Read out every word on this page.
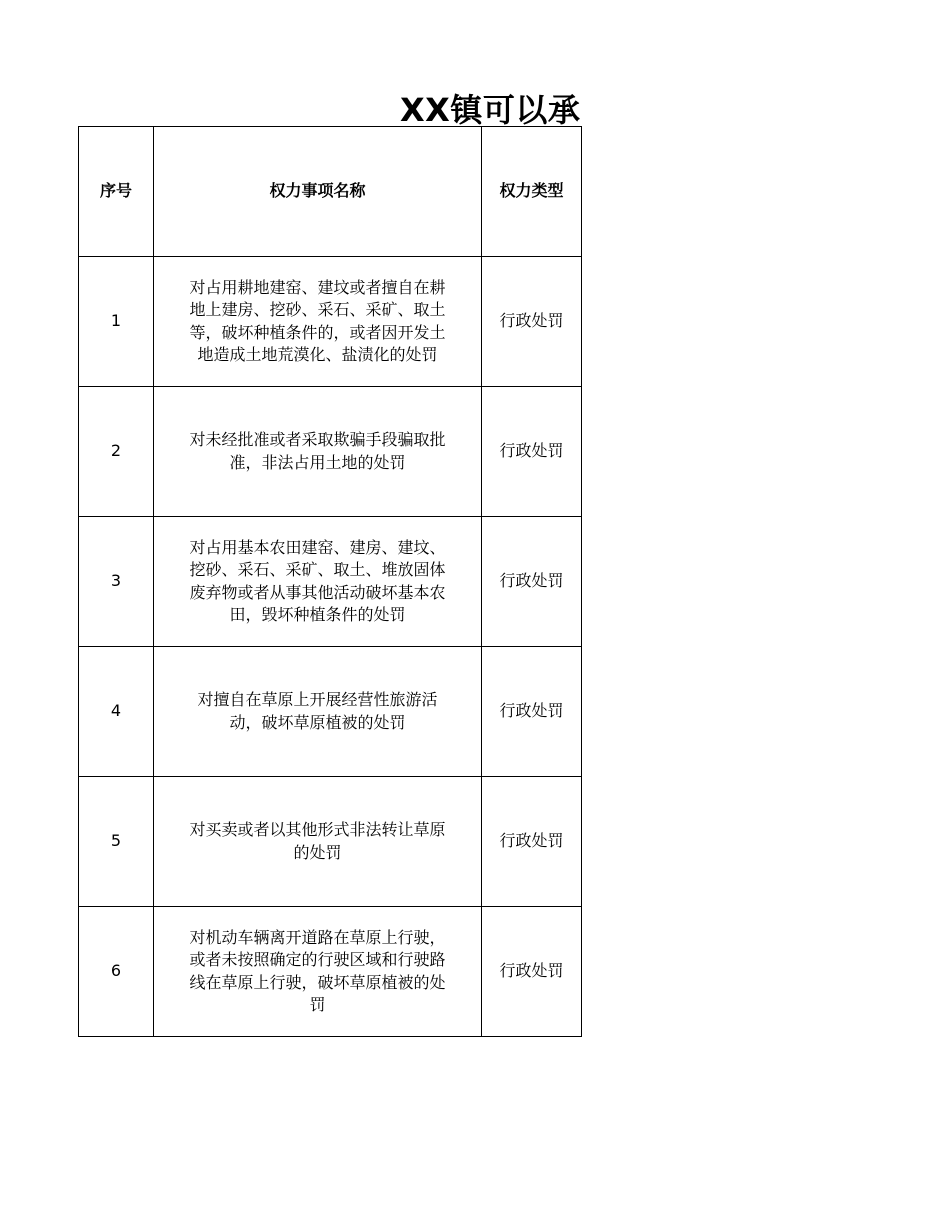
XX镇可以承
序号	权力事项名称	权力类型
1	对占用耕地建窑、建坟或者擅自在耕地上建房、挖砂、采石、采矿、取土等，破坏种植条件的，或者因开发土地造成土地荒漠化、盐渍化的处罚	行政处罚
2	对未经批准或者采取欺骗手段骗取批准，非法占用土地的处罚	行政处罚
3	对占用基本农田建窑、建房、建坟、挖砂、采石、采矿、取土、堆放固体废弃物或者从事其他活动破坏基本农田，毁坏种植条件的处罚	行政处罚
4	对擅自在草原上开展经营性旅游活动，破坏草原植被的处罚	行政处罚
5	对买卖或者以其他形式非法转让草原的处罚	行政处罚
6	对机动车辆离开道路在草原上行驶，或者未按照确定的行驶区域和行驶路线在草原上行驶，破坏草原植被的处罚	行政处罚
